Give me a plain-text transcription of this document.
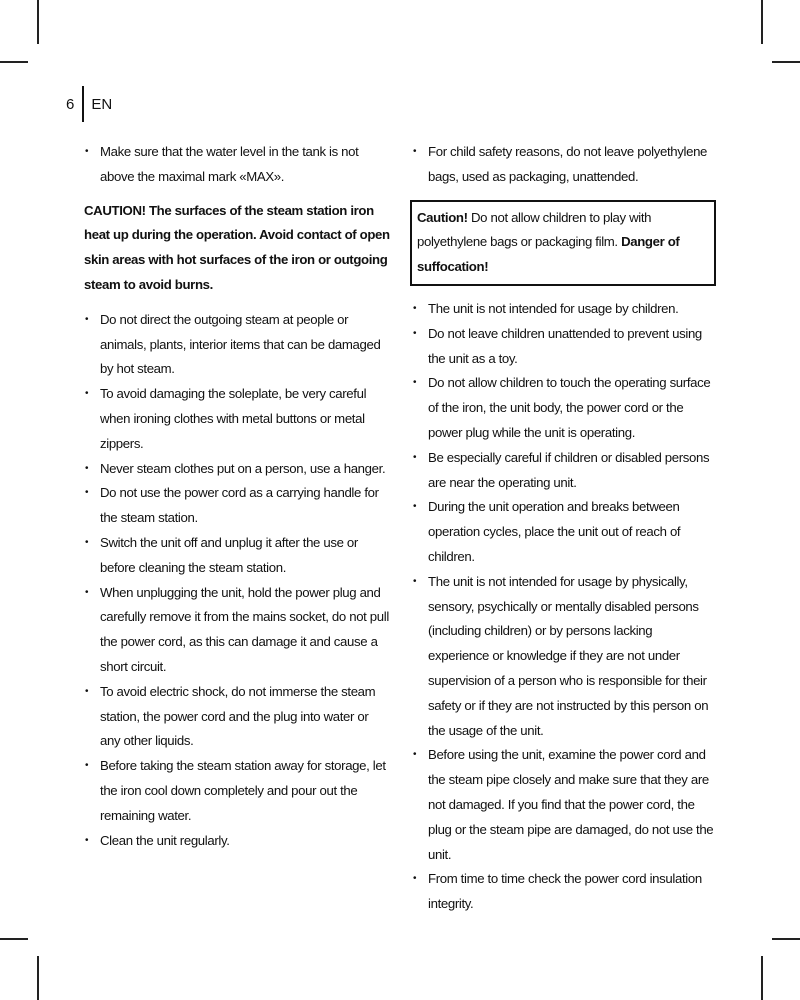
6	EN
• Make sure that the water level in the tank is not above the maximal mark «MAX».
CAUTION! The surfaces of the steam station iron heat up during the operation. Avoid contact of open skin areas with hot surfaces of the iron or outgoing steam to avoid burns.
• Do not direct the outgoing steam at people or animals, plants, interior items that can be damaged by hot steam.
• To avoid damaging the soleplate, be very careful when ironing clothes with metal buttons or metal zippers.
• Never steam clothes put on a person, use a hanger.
• Do not use the power cord as a carrying handle for the steam station.
• Switch the unit off and unplug it after the use or before cleaning the steam station.
• When unplugging the unit, hold the power plug and carefully remove it from the mains socket, do not pull the power cord, as this can damage it and cause a short circuit.
• To avoid electric shock, do not immerse the steam station, the power cord and the plug into water or any other liquids.
• Before taking the steam station away for storage, let the iron cool down completely and pour out the remaining water.
• Clean the unit regularly.
• For child safety reasons, do not leave polyethylene bags, used as packaging, unattended.
Caution! Do not allow children to play with polyethylene bags or packaging film. Danger of suffocation!
• The unit is not intended for usage by children.
• Do not leave children unattended to prevent using the unit as a toy.
• Do not allow children to touch the operating surface of the iron, the unit body, the power cord or the power plug while the unit is operating.
• Be especially careful if children or disabled persons are near the operating unit.
• During the unit operation and breaks between operation cycles, place the unit out of reach of children.
• The unit is not intended for usage by physically, sensory, psychically or mentally disabled persons (including children) or by persons lacking experience or knowledge if they are not under supervision of a person who is responsible for their safety or if they are not instructed by this person on the usage of the unit.
• Before using the unit, examine the power cord and the steam pipe closely and make sure that they are not damaged. If you find that the power cord, the plug or the steam pipe are damaged, do not use the unit.
• From time to time check the power cord insulation integrity.
